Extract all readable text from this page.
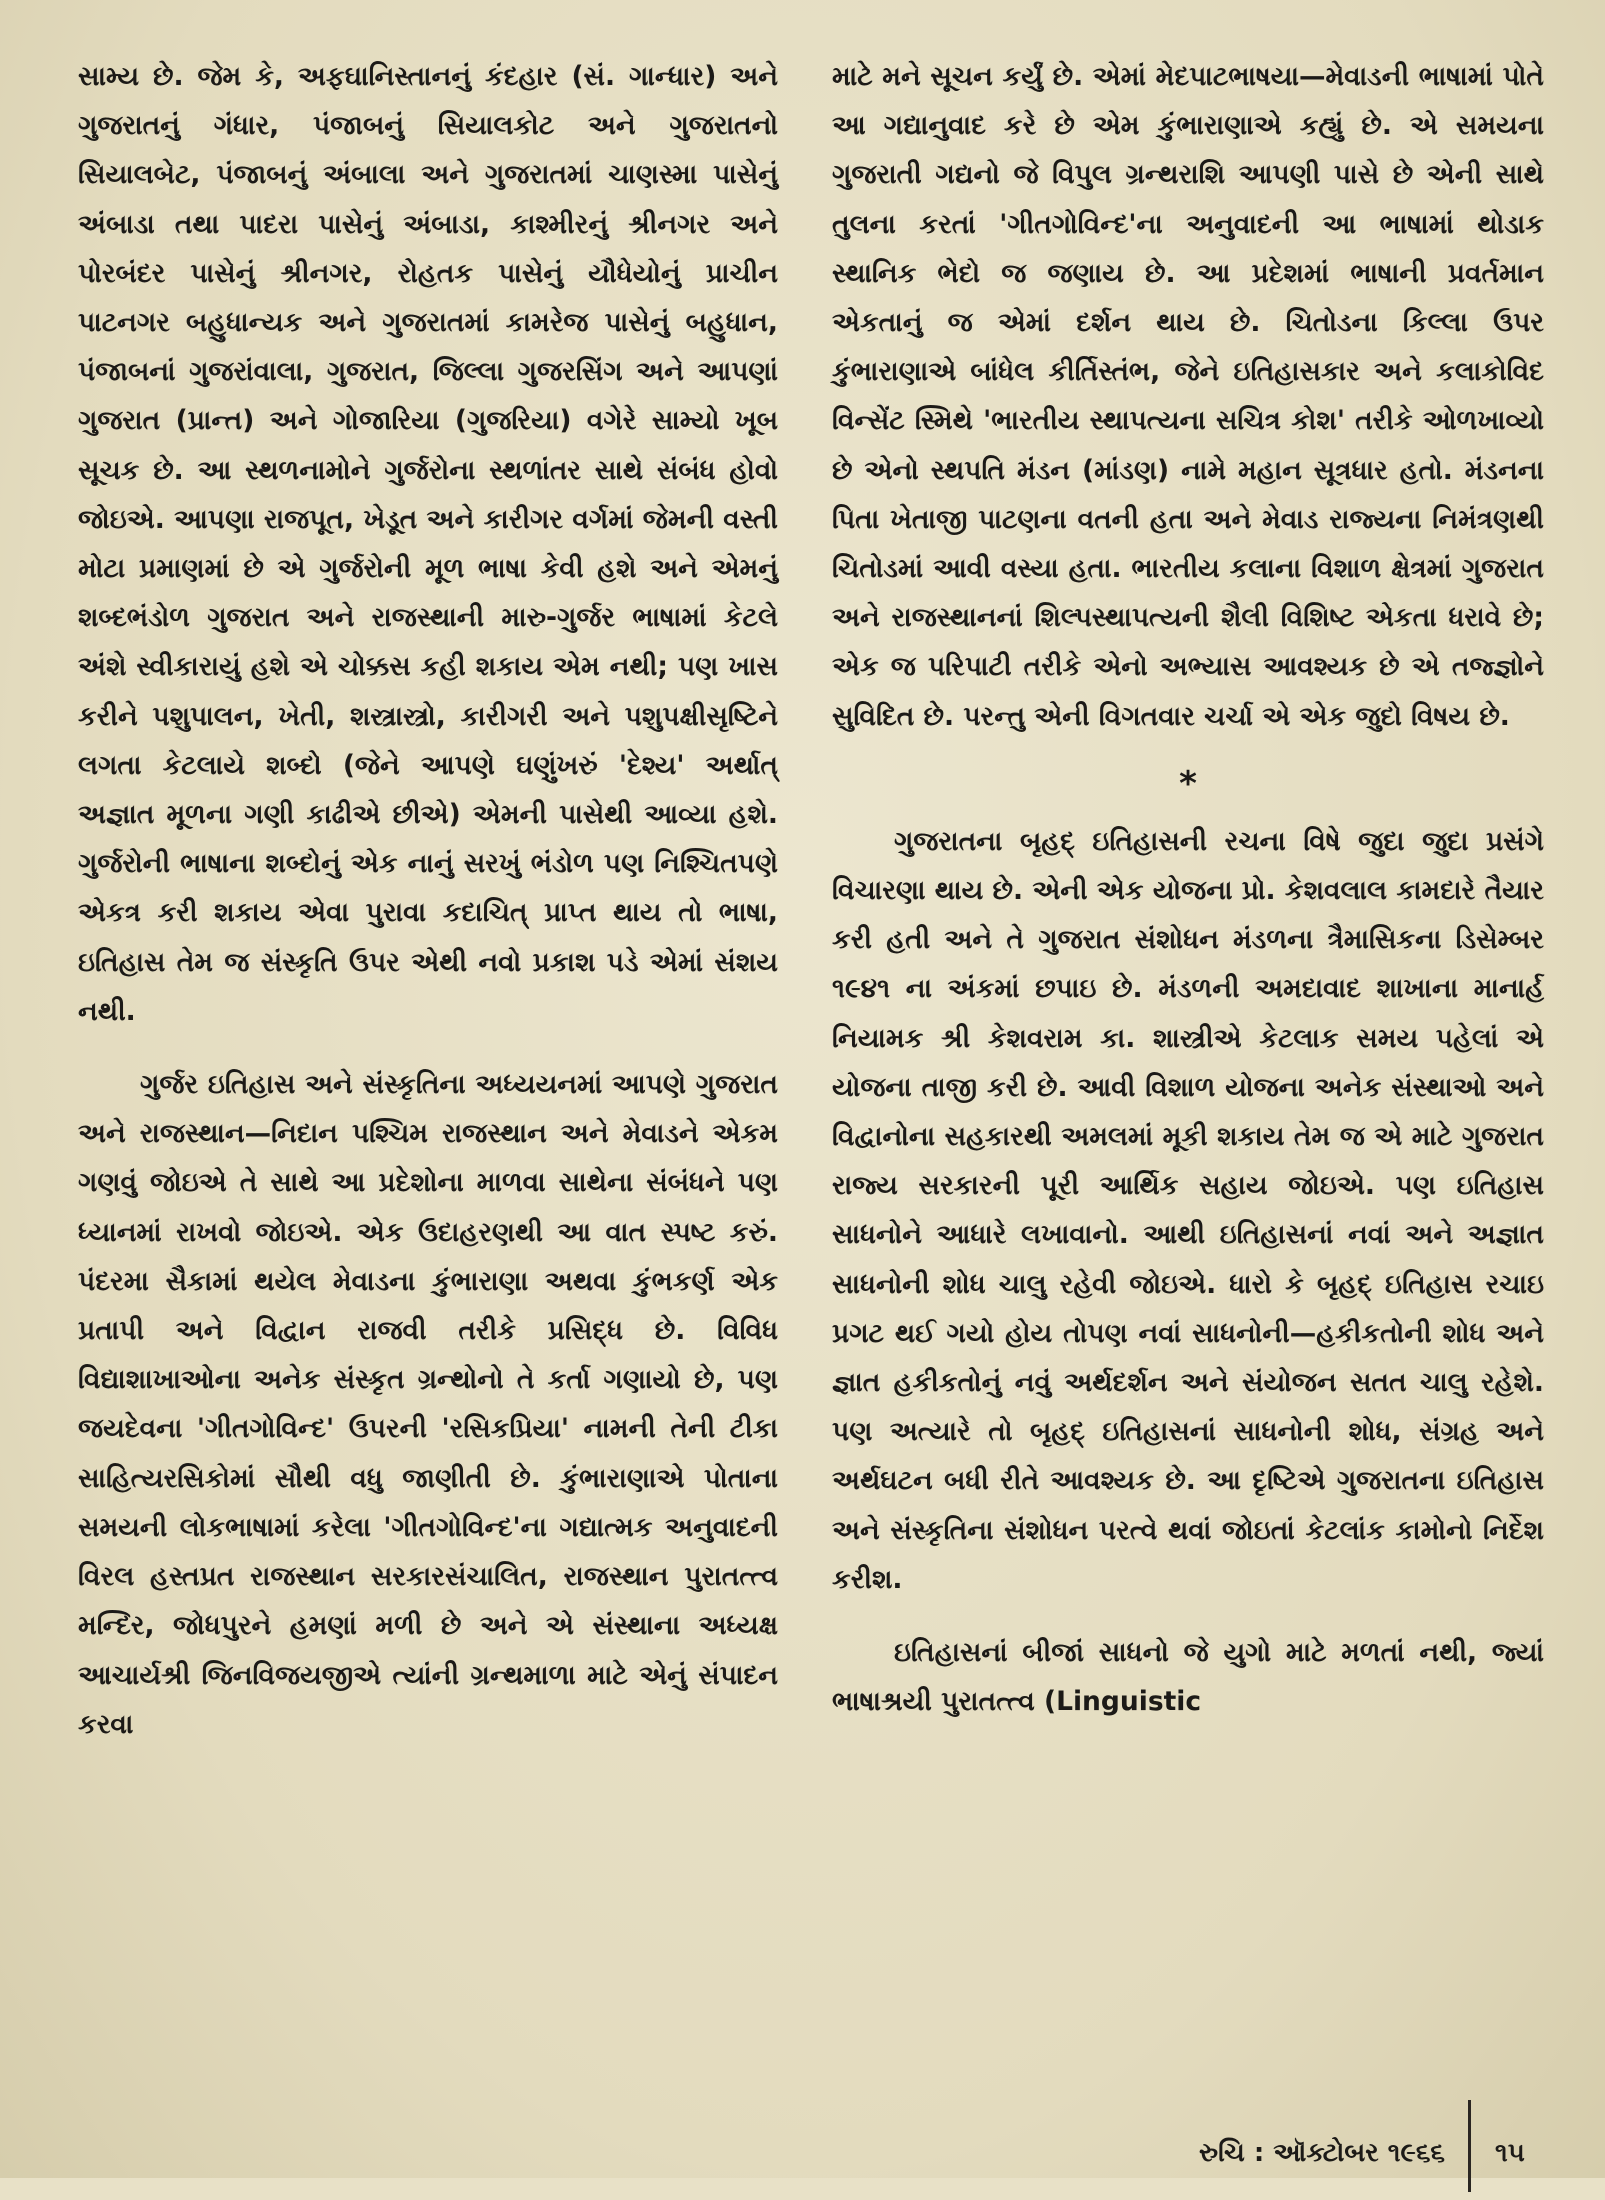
સામ્ય છે. જેમ કે, અફઘાનિસ્તાનનું કંદહાર (સં. ગાન્ધાર) અને ગુજરાતનું ગંધાર, પંજાબનું સિયાલકોટ અને ગુજરાતનો સિયાલબેટ, પંજાબનું અંબાલા અને ગુજરાતમાં ચાણસ્મા પાસેનું અંબાડા તથા પાદરા પાસેનું અંબાડા, કાશ્મીરનું શ્રીનગર અને પોરબંદર પાસેનું શ્રીનગર, રોહતક પાસેનું યૌધેયોનું પ્રાચીન પાટનગર બહુધાન્યક અને ગુજરાતમાં કામરેજ પાસેનું બહુધાન, પંજાબનાં ગુજરાંવાલા, ગુજરાત, જિલ્લા ગુજરસિંગ અને આપણાં ગુજરાત (પ્રાન્ત) અને ગોજારિયા (ગુજરિયા) વગેરે સામ્યો ખૂબ સૂચક છે. આ સ્થળનામોને ગુર્જરોના સ્થળાંતર સાથે સંબંધ હોવો જોઇએ. આપણા રાજપૂત, ખેડૂત અને કારીગર વર્ગમાં જેમની વસ્તી મોટા પ્રમાણમાં છે એ ગુર્જરોની મૂળ ભાષા કેવી હશે અને એમનું શબ્દભંડોળ ગુજરાત અને રાજસ્થાની મારુ-ગુર્જર ભાષામાં કેટલે અંશે સ્વીકારાયું હશે એ ચોક્કસ કહી શકાય એમ નથી; પણ ખાસ કરીને પશુપાલન, ખેતી, શસ્ત્રાસ્ત્રો, કારીગરી અને પશુપક્ષીસૃષ્ટિને લગતા કેટલાયે શબ્દો (જેને આપણે ઘણુંખરું 'દેશ્ય' અર્થાત્ અજ્ઞાત મૂળના ગણી કાઢીએ છીએ) એમની પાસેથી આવ્યા હશે. ગુર્જરોની ભાષાના શબ્દોનું એક નાનું સરખું ભંડોળ પણ નિશ્ચિતપણે એકત્ર કરી શકાય એવા પુરાવા કદાચિત્ પ્રાપ્ત થાય તો ભાષા, ઇતિહાસ તેમ જ સંસ્કૃતિ ઉપર એથી નવો પ્રકાશ પડે એમાં સંશય નથી.

ગુર્જર ઇતિહાસ અને સંસ્કૃતિના અધ્યયનમાં આપણે ગુજરાત અને રાજસ્થાન—નિદાન પશ્ચિમ રાજસ્થાન અને મેવાડને એકમ ગણવું જોઇએ તે સાથે આ પ્રદેશોના માળવા સાથેના સંબંધને પણ ધ્યાનમાં રાખવો જોઇએ. એક ઉદાહરણથી આ વાત સ્પષ્ટ કરું. પંદરમા સૈકામાં થયેલ મેવાડના કુંભારાણા અથવા કુંભકર્ણ એક પ્રતાપી અને વિદ્વાન રાજવી તરીકે પ્રસિદ્ધ છે. વિવિધ વિદ્યાશાખાઓના અનેક સંસ્કૃત ગ્રન્થોનો તે કર્તા ગણાયો છે, પણ જયદેવના 'ગીતગોવિન્દ' ઉપરની 'રસિકપ્રિયા' નામની તેની ટીકા સાહિત્યરસિકોમાં સૌથી વધુ જાણીતી છે. કુંભારાણાએ પોતાના સમયની લોકભાષામાં કરેલા 'ગીતગોવિન્દ'ના ગદ્યાત્મક અનુવાદની વિરલ હસ્તપ્રત રાજસ્થાન સરકારસંચાલિત, રાજસ્થાન પુરાતત્ત્વ મન્દિર, જોધપુરને હમણાં મળી છે અને એ સંસ્થાના અધ્યક્ષ આચાર્યશ્રી જિનવિજયજીએ ત્યાંની ગ્રન્થમાળા માટે એનું સંપાદન કરવા

માટે મને સૂચન કર્યું છે. એમાં મેદપાટભાષયા—મેવાડની ભાષામાં પોતે આ ગદ્યાનુવાદ કરે છે એમ કુંભારાણાએ કહ્યું છે. એ સમયના ગુજરાતી ગદ્યનો જે વિપુલ ગ્રન્થરાશિ આપણી પાસે છે એની સાથે તુલના કરતાં 'ગીતગોવિન્દ'ના અનુવાદની આ ભાષામાં થોડાક સ્થાનિક ભેદો જ જણાય છે. આ પ્રદેશમાં ભાષાની પ્રવર્તમાન એકતાનું જ એમાં દર્શન થાય છે. ચિતોડના કિલ્લા ઉપર કુંભારાણાએ બાંધેલ કીર્તિસ્તંભ, જેને ઇતિહાસકાર અને કલાકોવિદ વિન્સેંટ સ્મિથે 'ભારતીય સ્થાપત્યના સચિત્ર કોશ' તરીકે ઓળખાવ્યો છે એનો સ્થપતિ મંડન (માંડણ) નામે મહાન સૂત્રધાર હતો. મંડનના પિતા ખેતાજી પાટણના વતની હતા અને મેવાડ રાજ્યના નિમંત્રણથી ચિતોડમાં આવી વસ્યા હતા. ભારતીય કલાના વિશાળ ક્ષેત્રમાં ગુજરાત અને રાજસ્થાનનાં શિલ્પસ્થાપત્યની શૈલી વિશિષ્ટ એકતા ધરાવે છે; એક જ પરિપાટી તરીકે એનો અભ્યાસ આવશ્યક છે એ તજ્જ્ઞોને સુવિદિત છે. પરન્તુ એની વિગતવાર ચર્ચા એ એક જુદો વિષય છે.

*

ગુજરાતના બૃહદ્ ઇતિહાસની રચના વિષે જુદા જુદા પ્રસંગે વિચારણા થાય છે. એની એક યોજના પ્રો. કેશવલાલ કામદારે તૈયાર કરી હતી અને તે ગુજરાત સંશોધન મંડળના ત્રૈમાસિકના ડિસેમ્બર ૧૯૪૧ ના અંકમાં છપાઇ છે. મંડળની અમદાવાદ શાખાના માનાર્હ નિયામક શ્રી કેશવરામ કા. શાસ્ત્રીએ કેટલાક સમય પહેલાં એ યોજના તાજી કરી છે. આવી વિશાળ યોજના અનેક સંસ્થાઓ અને વિદ્વાનોના સહકારથી અમલમાં મૂકી શકાય તેમ જ એ માટે ગુજરાત રાજ્ય સરકારની પૂરી આર્થિક સહાય જોઇએ. પણ ઇતિહાસ સાધનોને આધારે લખાવાનો. આથી ઇતિહાસનાં નવાં અને અજ્ઞાત સાધનોની શોધ ચાલુ રહેવી જોઇએ. ધારો કે બૃહદ્ ઇતિહાસ રચાઇ પ્રગટ થઈ ગયો હોય તોપણ નવાં સાધનોની—હકીકતોની શોધ અને જ્ઞાત હકીકતોનું નવું અર્થદર્શન અને સંયોજન સતત ચાલુ રહેશે. પણ અત્યારે તો બૃહદ્ ઇતિહાસનાં સાધનોની શોધ, સંગ્રહ અને અર્થઘટન બધી રીતે આવશ્યક છે. આ દૃષ્ટિએ ગુજરાતના ઇતિહાસ અને સંસ્કૃતિના સંશોધન પરત્વે થવાં જોઇતાં કેટલાંક કામોનો નિર્દેશ કરીશ.

ઇતિહાસનાં બીજાં સાધનો જે યુગો માટે મળતાં નથી, જ્યાં ભાષાશ્રયી પુરાતત્ત્વ (Linguistic

રુચિ : ઑક્ટોબર ૧૯૬૬ ૧૫
